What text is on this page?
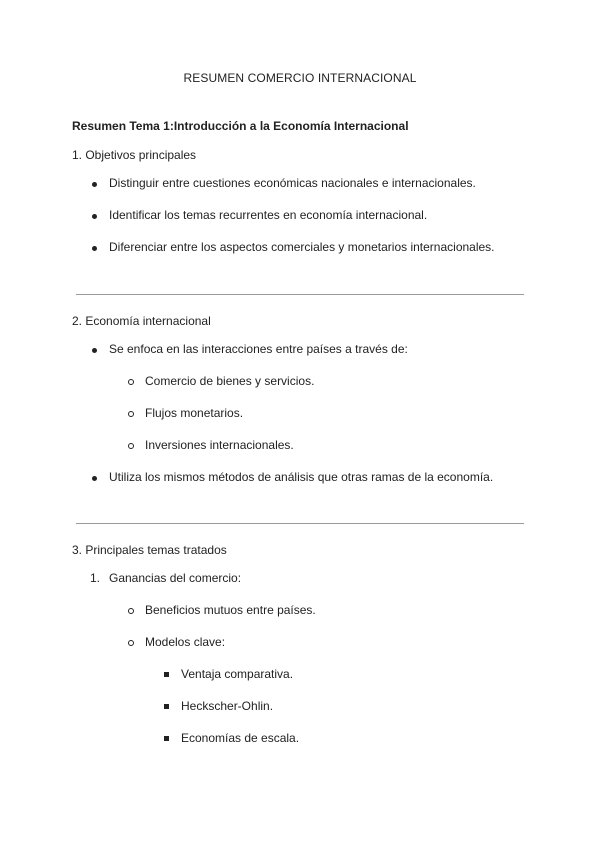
RESUMEN COMERCIO INTERNACIONAL
Resumen Tema 1:Introducción a la Economía Internacional
1. Objetivos principales
Distinguir entre cuestiones económicas nacionales e internacionales.
Identificar los temas recurrentes en economía internacional.
Diferenciar entre los aspectos comerciales y monetarios internacionales.
2. Economía internacional
Se enfoca en las interacciones entre países a través de:
Comercio de bienes y servicios.
Flujos monetarios.
Inversiones internacionales.
Utiliza los mismos métodos de análisis que otras ramas de la economía.
3. Principales temas tratados
1. Ganancias del comercio:
Beneficios mutuos entre países.
Modelos clave:
Ventaja comparativa.
Heckscher-Ohlin.
Economías de escala.
